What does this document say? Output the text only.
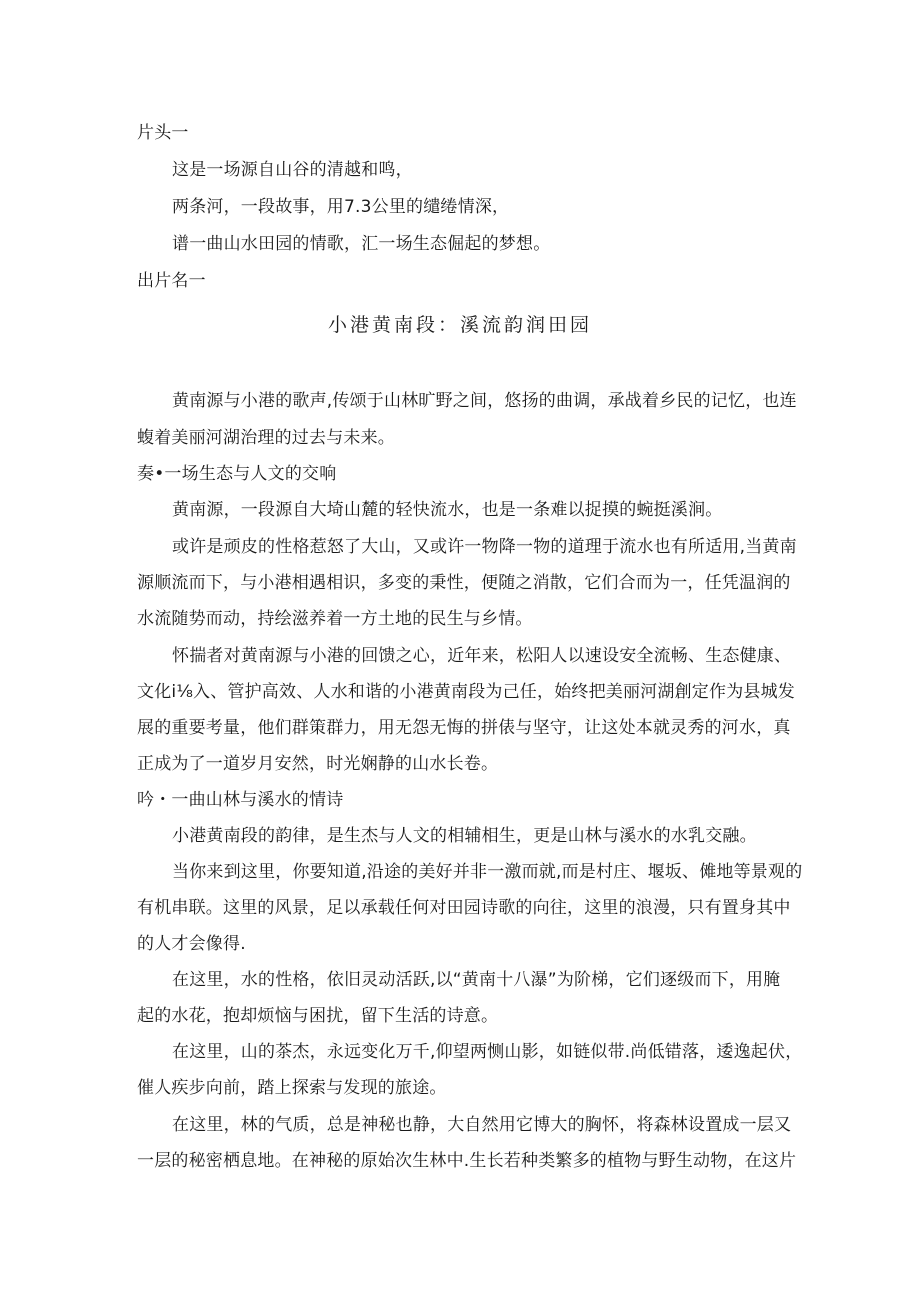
片头一
这是一场源自山谷的清越和鸣，
两条河，一段故事，用7.3公里的缱绻情深，
谱一曲山水田园的情歌，汇一场生态倔起的梦想。
出片名一
小港黄南段：溪流韵润田园
黄南源与小港的歌声,传颂于山林旷野之间，悠扬的曲调，承战着乡民的记忆，也连
蝮着美丽河湖治理的过去与未来。
奏•一场生态与人文的交响
黄南源，一段源自大埼山麓的轻快流水，也是一条难以捉摸的蜿挺溪涧。
或许是顽皮的性格惹怒了大山，又或许一物降一物的道理于流水也有所适用,当黄南
源顺流而下，与小港相遇相识，多变的秉性，便随之消散，它们合而为一，任凭温润的
水流随势而动，持绘滋养着一方土地的民生与乡情。
怀揣者对黄南源与小港的回馈之心，近年来，松阳人以速设安全流畅、生态健康、
文化i⅛入、管护高效、人水和谐的小港黄南段为己任，始终把美丽河湖創定作为县城发
展的重要考量，他们群策群力，用无怨无悔的拼俵与坚守，让这处本就灵秀的河水，真
正成为了一道岁月安然，时光娴静的山水长卷。
吟・一曲山林与溪水的情诗
小港黄南段的韵律，是生杰与人文的相辅相生，更是山林与溪水的水乳交融。
当你来到这里，你要知道,沿途的美好并非一激而就,而是村庄、堰坂、傩地等景观的
有机串联。这里的风景，足以承载任何对田园诗歌的向往，这里的浪漫，只有置身其中
的人才会像得.
在这里，水的性格，依旧灵动活跃,以“黄南十八瀑”为阶梯，它们逐级而下，用腌
起的水花，抱却烦恼与困扰，留下生活的诗意。
在这里，山的茶杰，永远变化万千,仰望两恻山影，如链似带.尚低错落，逶逸起伏，
催人疾步向前，踏上探索与发现的旅途。
在这里，林的气质，总是神秘也静，大自然用它博大的胸怀，将森林设置成一层又
一层的秘密栖息地。在神秘的原始次生林中.生长若种类繁多的植物与野生动物，在这片
